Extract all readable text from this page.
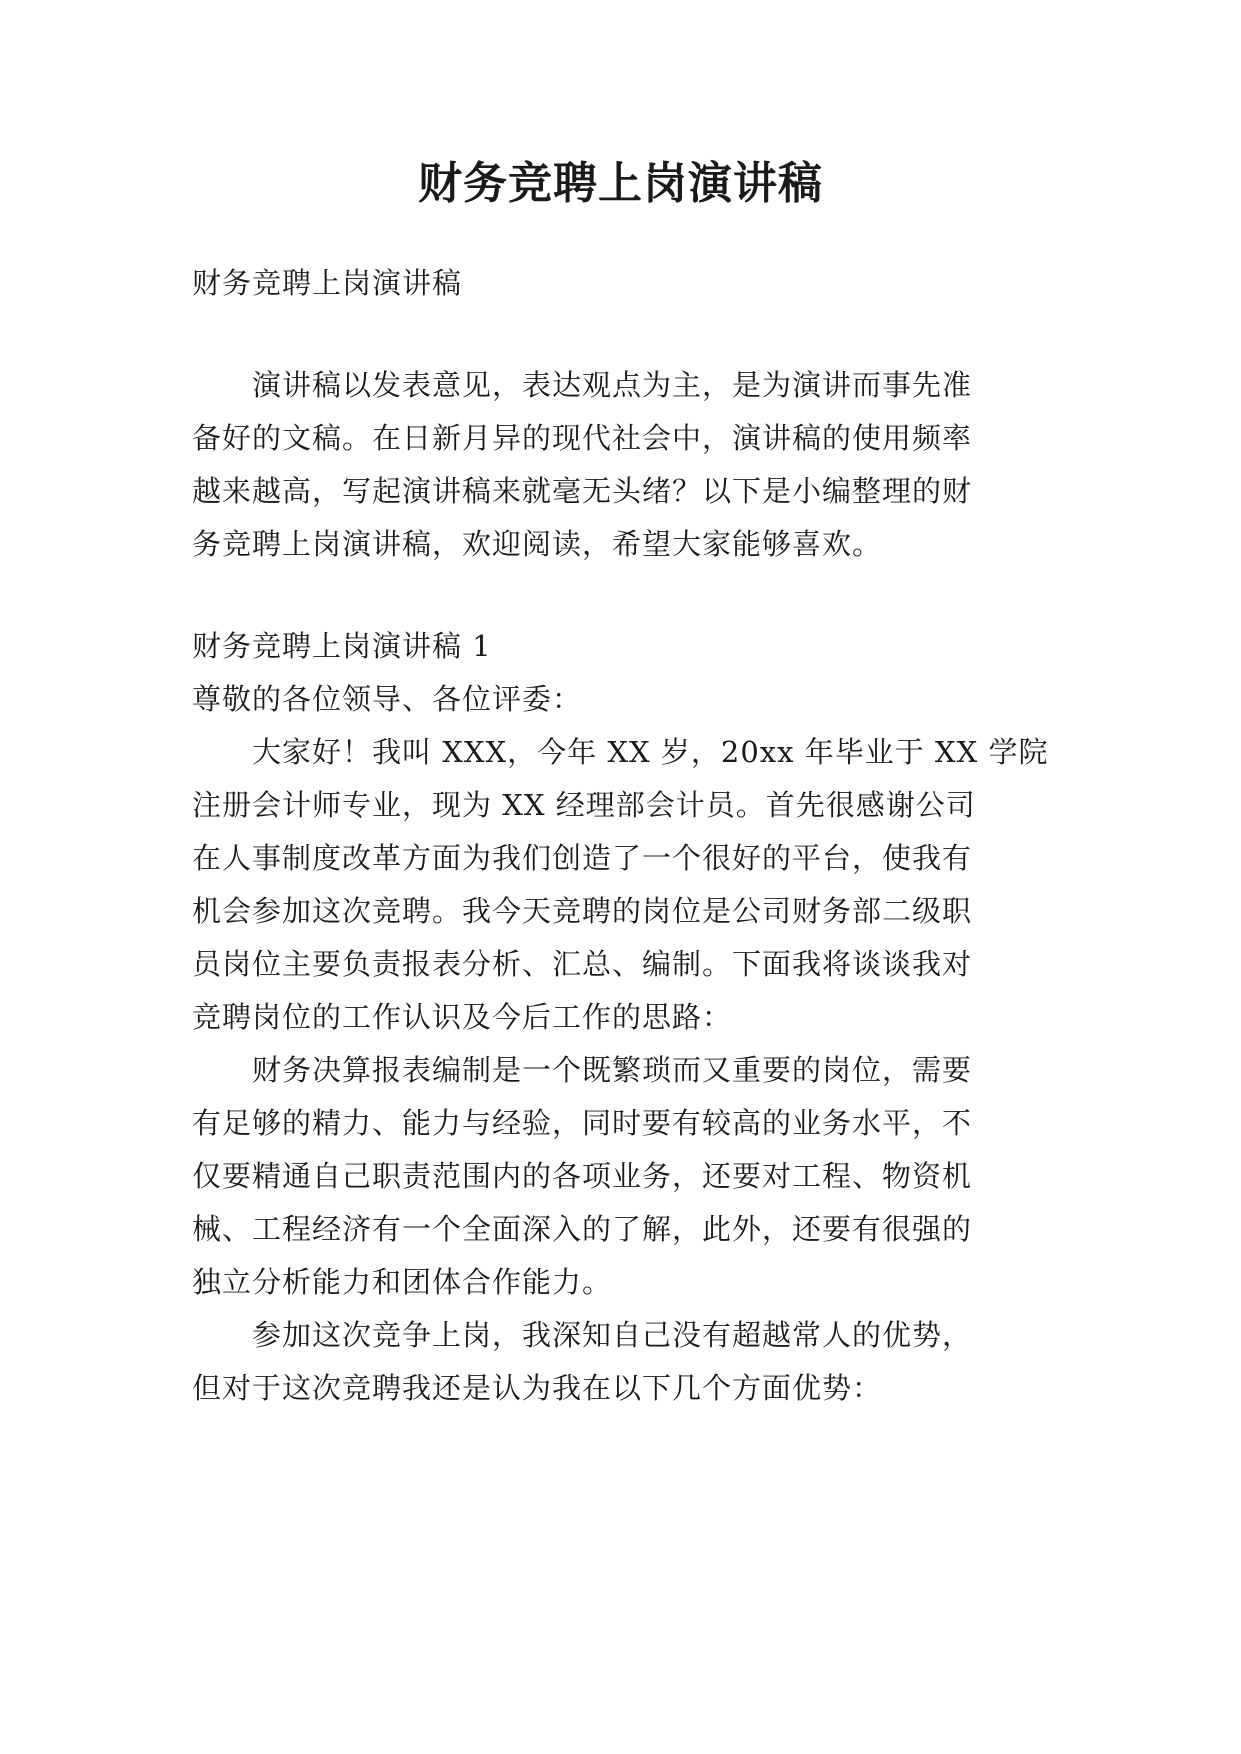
财务竞聘上岗演讲稿

财务竞聘上岗演讲稿

　　演讲稿以发表意见，表达观点为主，是为演讲而事先准

备好的文稿。在日新月异的现代社会中，演讲稿的使用频率

越来越高，写起演讲稿来就毫无头绪？以下是小编整理的财

务竞聘上岗演讲稿，欢迎阅读，希望大家能够喜欢。

财务竞聘上岗演讲稿 1

尊敬的各位领导、各位评委：

　　大家好！我叫 XXX，今年 XX 岁，20xx 年毕业于 XX 学院

注册会计师专业，现为 XX 经理部会计员。首先很感谢公司

在人事制度改革方面为我们创造了一个很好的平台，使我有

机会参加这次竞聘。我今天竞聘的岗位是公司财务部二级职

员岗位主要负责报表分析、汇总、编制。下面我将谈谈我对

竞聘岗位的工作认识及今后工作的思路：

　　财务决算报表编制是一个既繁琐而又重要的岗位，需要

有足够的精力、能力与经验，同时要有较高的业务水平，不

仅要精通自己职责范围内的各项业务，还要对工程、物资机

械、工程经济有一个全面深入的了解，此外，还要有很强的

独立分析能力和团体合作能力。

　　参加这次竞争上岗，我深知自己没有超越常人的优势，

但对于这次竞聘我还是认为我在以下几个方面优势：
